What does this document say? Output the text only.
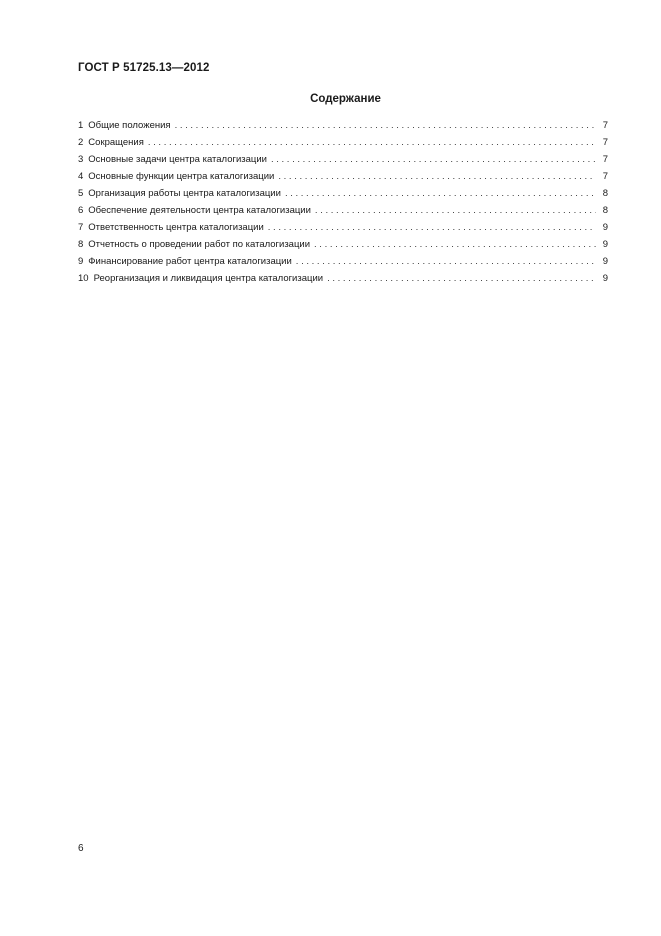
ГОСТ Р 51725.13—2012
Содержание
1 Общие положения . . .	7
2 Сокращения . . .	7
3 Основные задачи центра каталогизации . . .	7
4 Основные функции центра каталогизации . . .	7
5 Организация работы центра каталогизации . . .	8
6 Обеспечение деятельности центра каталогизации . . .	8
7 Ответственность центра каталогизации . . .	9
8 Отчетность о проведении работ по каталогизации . . .	9
9 Финансирование работ центра каталогизации . . .	9
10 Реорганизация и ликвидация центра каталогизации . . .	9
6
